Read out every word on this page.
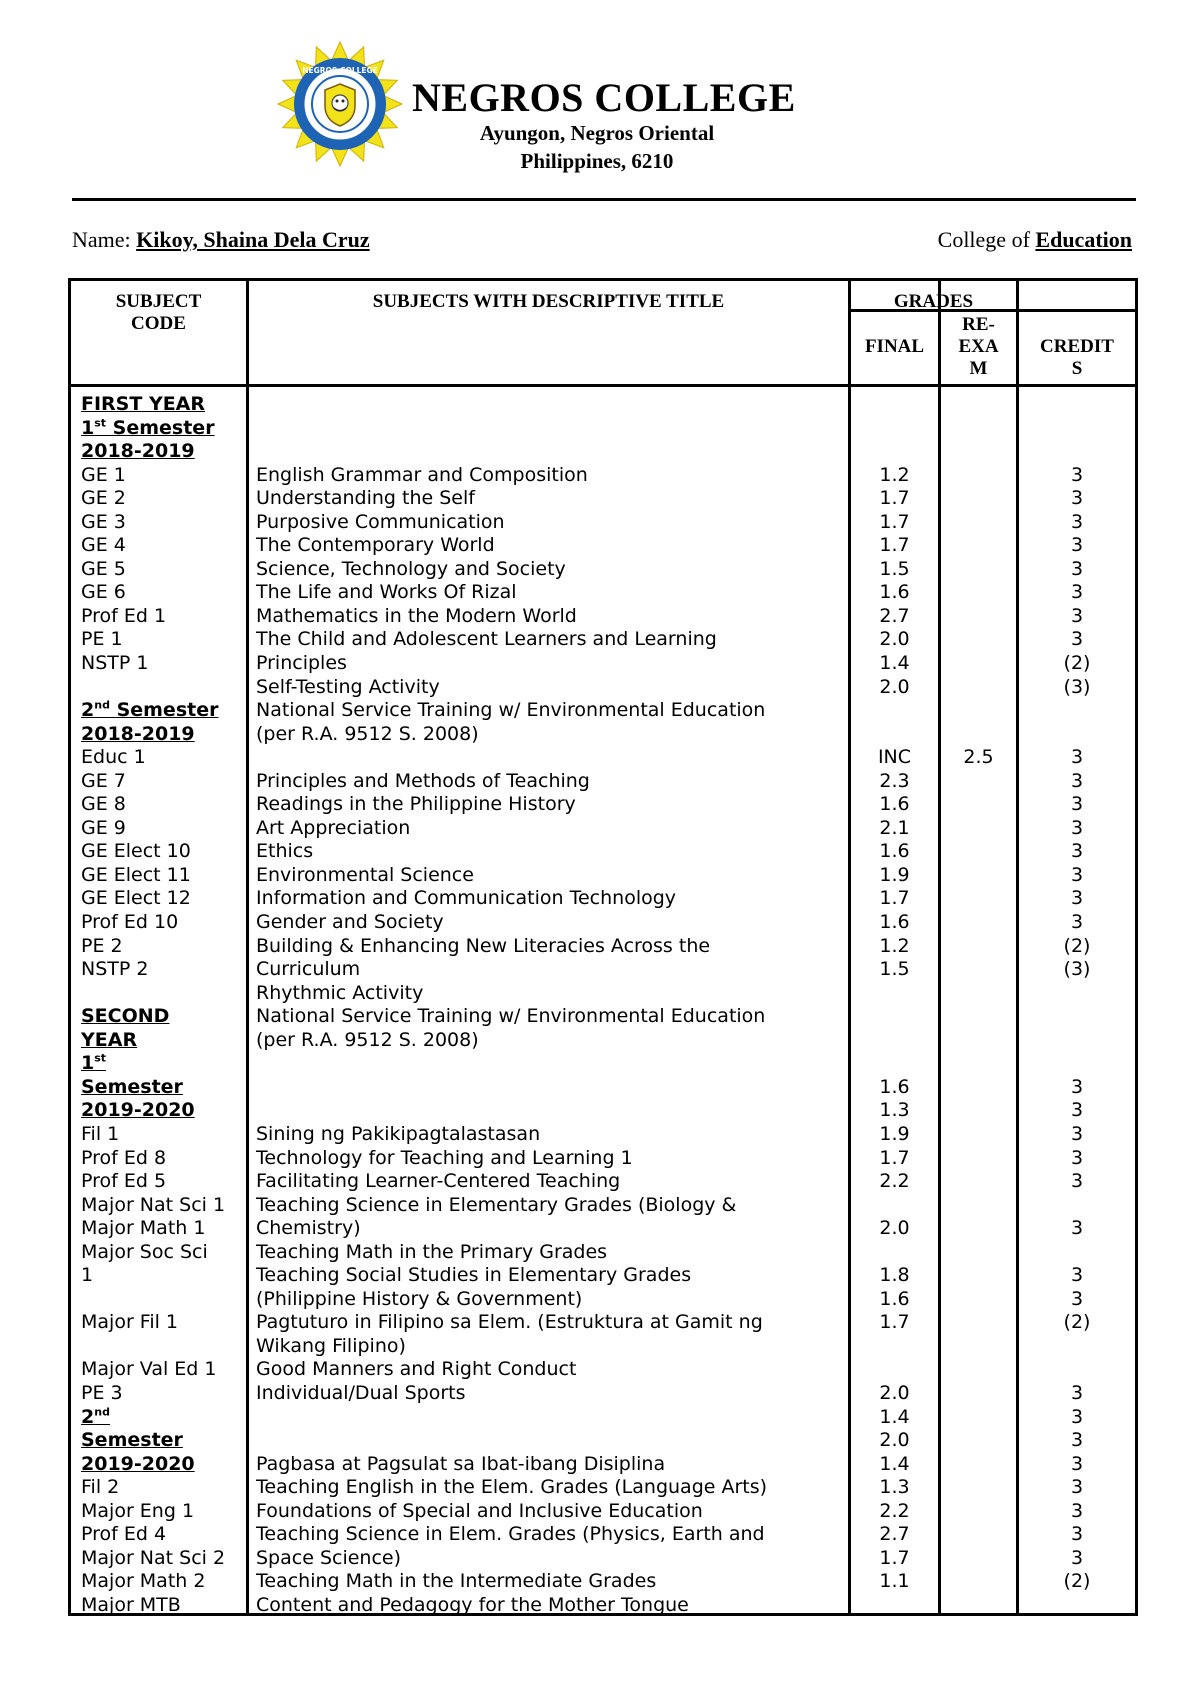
NEGROS COLLEGE
NEGROS COLLEGE
Ayungon, Negros Oriental
Philippines, 6210
Name: Kikoy, Shaina Dela Cruz	College of Education
SUBJECT
CODE
SUBJECTS WITH DESCRIPTIVE TITLE	GRADES
FINAL
RE-
EXA
M
CREDIT
S
FIRST YEAR
1st Semester
2018-2019
GE 1
GE 2
GE 3
GE 4
GE 5
GE 6
Prof Ed 1
PE 1
NSTP 1
2nd Semester
2018-2019
Educ 1
GE 7
GE 8
GE 9
GE Elect 10
GE Elect 11
GE Elect 12
Prof Ed 10
PE 2
NSTP 2
SECOND
YEAR
1st
Semester
2019-2020
Fil 1
Prof Ed 8
Prof Ed 5
Major Nat Sci 1
Major Math 1
Major Soc Sci
1
Major Fil 1
Major Val Ed 1
PE 3
2nd
Semester
2019-2020
Fil 2
Major Eng 1
Prof Ed 4
Major Nat Sci 2
Major Math 2
Major MTB
English Grammar and Composition
Understanding the Self
Purposive Communication
The Contemporary World
Science, Technology and Society
The Life and Works Of Rizal
Mathematics in the Modern World
The Child and Adolescent Learners and Learning
Principles
Self-Testing Activity
National Service Training w/ Environmental Education
(per R.A. 9512 S. 2008)
Principles and Methods of Teaching
Readings in the Philippine History
Art Appreciation
Ethics
Environmental Science
Information and Communication Technology
Gender and Society
Building & Enhancing New Literacies Across the
Curriculum
Rhythmic Activity
National Service Training w/ Environmental Education
(per R.A. 9512 S. 2008)
Sining ng Pakikipagtalastasan
Technology for Teaching and Learning 1
Facilitating Learner-Centered Teaching
Teaching Science in Elementary Grades (Biology &
Chemistry)
Teaching Math in the Primary Grades
Teaching Social Studies in Elementary Grades
(Philippine History & Government)
Pagtuturo in Filipino sa Elem. (Estruktura at Gamit ng
Wikang Filipino)
Good Manners and Right Conduct
Individual/Dual Sports
Pagbasa at Pagsulat sa Ibat-ibang Disiplina
Teaching English in the Elem. Grades (Language Arts)
Foundations of Special and Inclusive Education
Teaching Science in Elem. Grades (Physics, Earth and
Space Science)
Teaching Math in the Intermediate Grades
Content and Pedagogy for the Mother Tongue
1.2
1.7
1.7
1.7
1.5
1.6
2.7
2.0
1.4
2.0
INC
2.3
1.6
2.1
1.6
1.9
1.7
1.6
1.2
1.5
1.6
1.3
1.9
1.7
2.2
2.0
1.8
1.6
1.7
2.0
1.4
2.0
1.4
1.3
2.2
2.7
1.7
1.1
2.5
3
3
3
3
3
3
3
3
(2)
(3)
3
3
3
3
3
3
3
3
(2)
(3)
3
3
3
3
3
3
3
3
(2)
3
3
3
3
3
3
3
3
(2)
